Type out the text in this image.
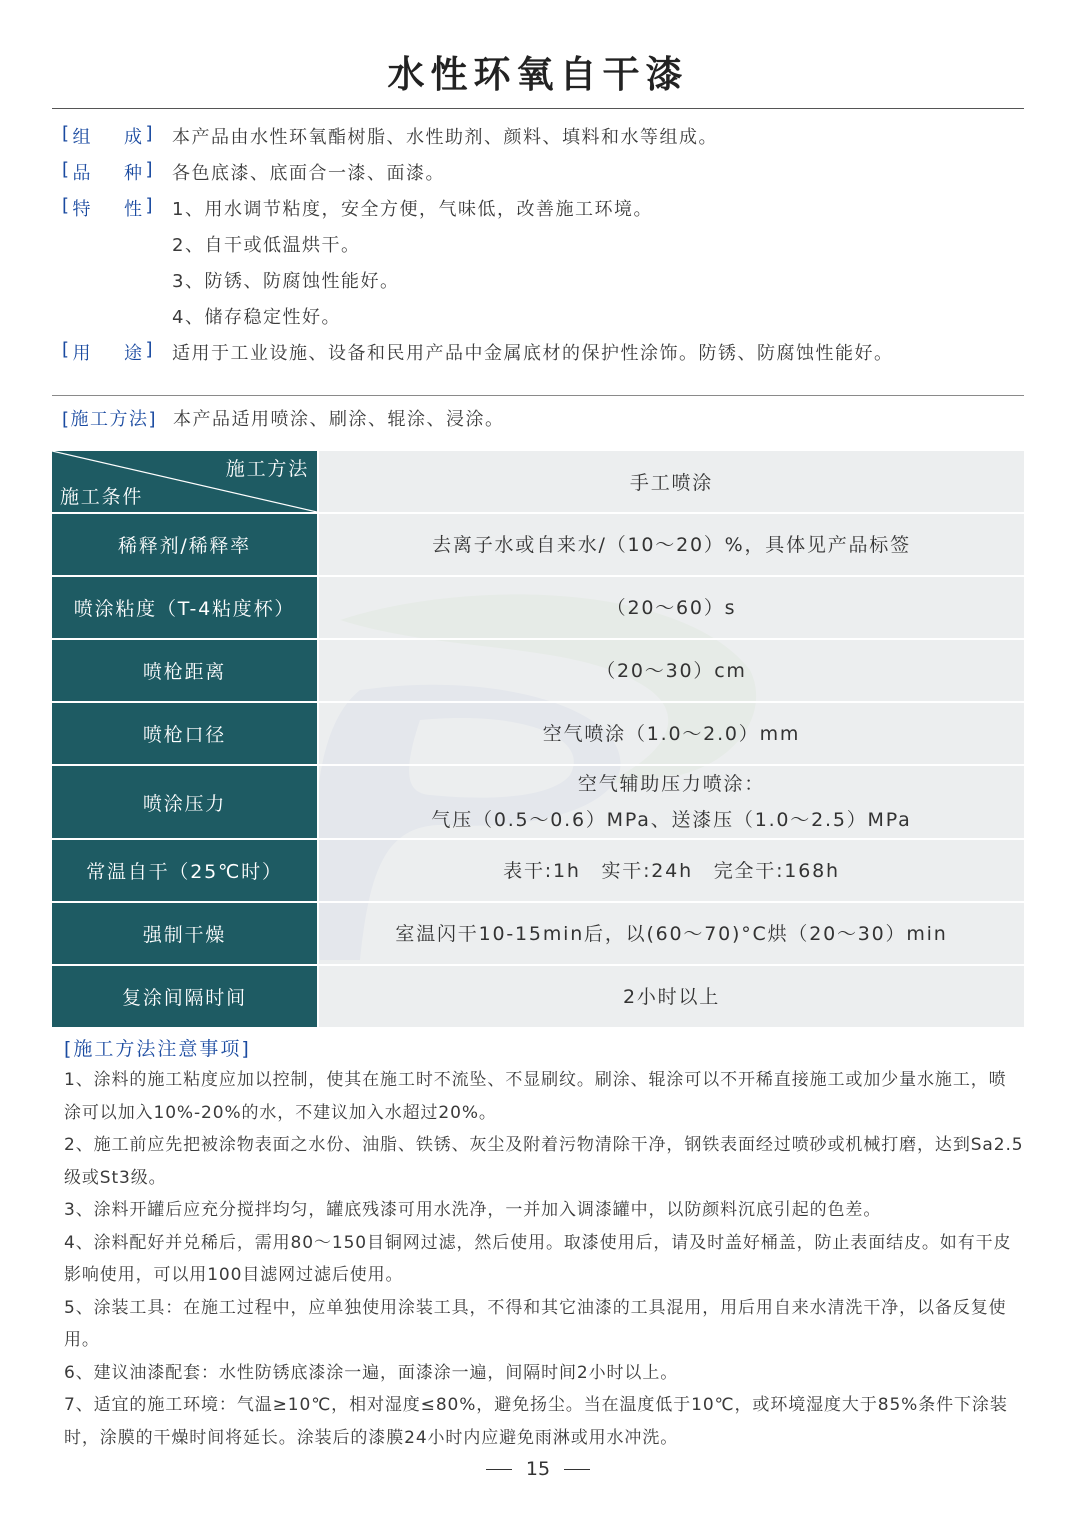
水性环氧自干漆
[ 组 成 ] 本产品由水性环氧酯树脂、水性助剂、颜料、填料和水等组成。
[ 品 种 ] 各色底漆、底面合一漆、面漆。
[ 特 性 ] 1、用水调节粘度，安全方便，气味低，改善施工环境。
2、自干或低温烘干。
3、防锈、防腐蚀性能好。
4、储存稳定性好。
[ 用 途 ] 适用于工业设施、设备和民用产品中金属底材的保护性涂饰。防锈、防腐蚀性能好。
[施工方法] 本产品适用喷涂、刷涂、辊涂、浸涂。
施工方法
施工条件	手工喷涂
稀释剂/稀释率	去离子水或自来水/（10～20）%，具体见产品标签

喷涂粘度（T-4粘度杯）	（20～60）s

喷枪距离	（20～30）cm

喷枪口径	空气喷涂（1.0～2.0）mm

喷涂压力	空气辅助压力喷涂：
气压（0.5～0.6）MPa、送漆压（1.0～2.5）MPa

常温自干（25℃时）	表干:1h　实干:24h　完全干:168h

强制干燥	室温闪干10-15min后，以(60～70)°C烘（20～30）min

复涂间隔时间	2小时以上
[施工方法注意事项]

1、涂料的施工粘度应加以控制，使其在施工时不流坠、不显刷纹。刷涂、辊涂可以不开稀直接施工或加少量水施工，喷涂可以加入10%-20%的水，不建议加入水超过20%。

2、施工前应先把被涂物表面之水份、油脂、铁锈、灰尘及附着污物清除干净，钢铁表面经过喷砂或机械打磨，达到Sa2.5级或St3级。

3、涂料开罐后应充分搅拌均匀，罐底残漆可用水洗净，一并加入调漆罐中，以防颜料沉底引起的色差。

4、涂料配好并兑稀后，需用80～150目铜网过滤，然后使用。取漆使用后，请及时盖好桶盖，防止表面结皮。如有干皮影响使用，可以用100目滤网过滤后使用。

5、涂装工具：在施工过程中，应单独使用涂装工具，不得和其它油漆的工具混用，用后用自来水清洗干净，以备反复使用。

6、建议油漆配套：水性防锈底漆涂一遍，面漆涂一遍，间隔时间2小时以上。

7、适宜的施工环境：气温≥10℃，相对湿度≤80%，避免扬尘。当在温度低于10℃，或环境湿度大于85%条件下涂装时，涂膜的干燥时间将延长。涂装后的漆膜24小时内应避免雨淋或用水冲洗。

15
